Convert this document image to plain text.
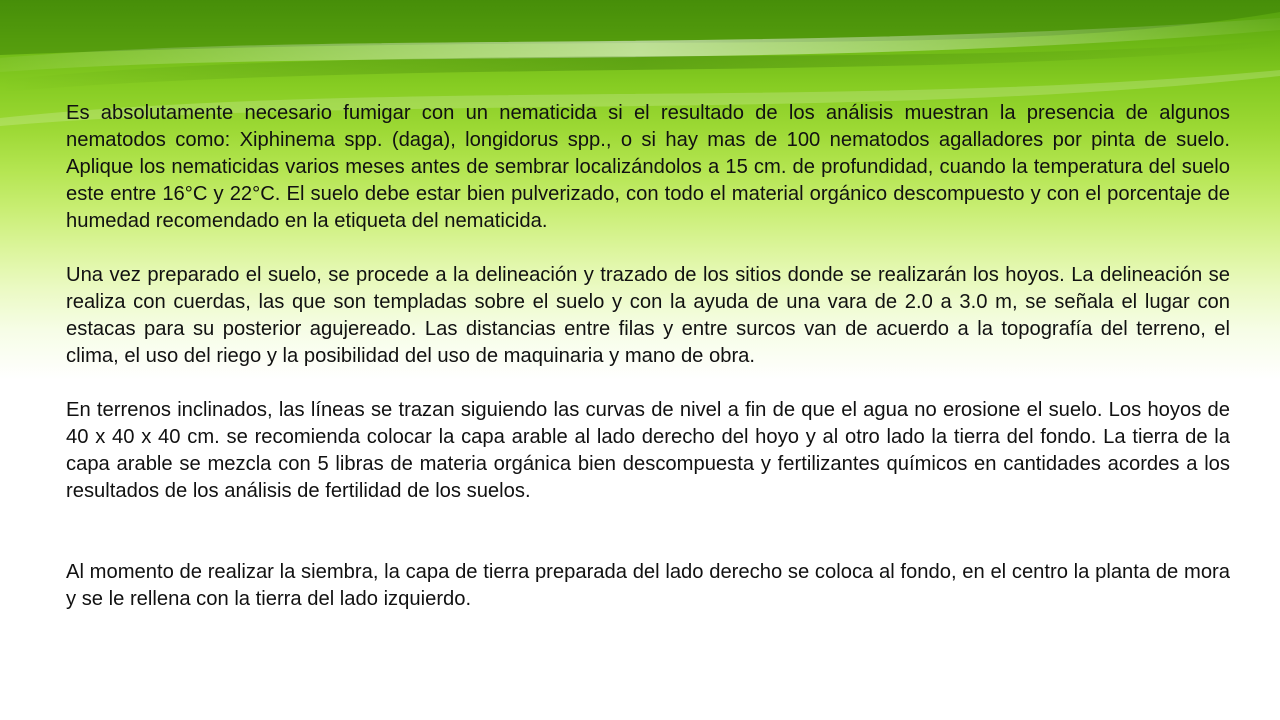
Es absolutamente necesario fumigar con un nematicida si el resultado de los análisis muestran la presencia de algunos nematodos como: Xiphinema spp. (daga), longidorus spp., o si hay mas de 100 nematodos agalladores por pinta de suelo. Aplique los nematicidas varios meses antes de sembrar localizándolos a 15 cm. de profundidad, cuando la temperatura del suelo este entre 16°C y 22°C. El suelo debe estar bien pulverizado, con todo el material orgánico descompuesto y con el porcentaje de humedad recomendado en la etiqueta del nematicida.

Una vez preparado el suelo, se procede a la delineación y trazado de los sitios donde se realizarán los hoyos. La delineación se realiza con cuerdas, las que son templadas sobre el suelo y con la ayuda de una vara de 2.0 a 3.0 m, se señala el lugar con estacas para su posterior agujereado. Las distancias entre filas y entre surcos van de acuerdo a la topografía del terreno, el clima, el uso del riego y la posibilidad del uso de maquinaria y mano de obra.

En terrenos inclinados, las líneas se trazan siguiendo las curvas de nivel a fin de que el agua no erosione el suelo. Los hoyos de 40 x 40 x 40 cm. se recomienda colocar la capa arable al lado derecho del hoyo y al otro lado la tierra del fondo. La tierra de la capa arable se mezcla con 5 libras de materia orgánica bien descompuesta y fertilizantes químicos en cantidades acordes a los resultados de los análisis de fertilidad de los suelos.

Al momento de realizar la siembra, la capa de tierra preparada del lado derecho se coloca al fondo, en el centro la planta de mora y se le rellena con la tierra del lado izquierdo.
